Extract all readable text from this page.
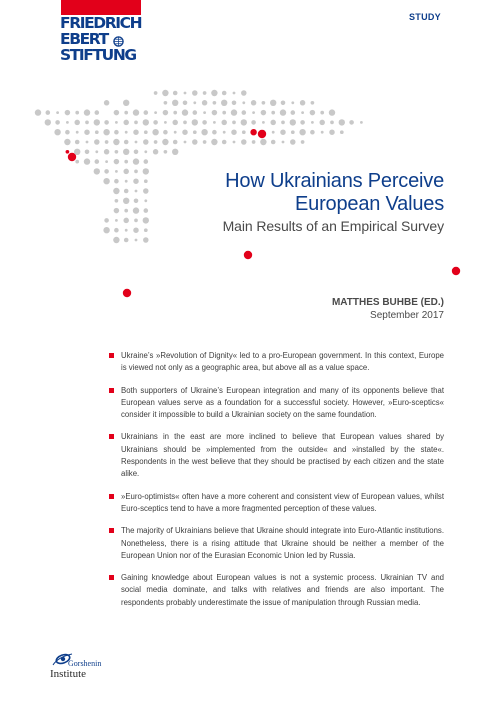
FRIEDRICH
EBERT
STIFTUNG
STUDY
How Ukrainians Perceive
European Values
Main Results of an Empirical Survey
MATTHES BUHBE (ED.)
September 2017
Ukraine’s »Revolution of Dignity« led to a pro-European government. In this context, Europe is viewed not only as a geographic area, but above all as a value space.
Both supporters of Ukraine’s European integration and many of its opponents believe that European values serve as a foundation for a successful society. However, »Euro-sceptics« consider it impossible to build a Ukrainian society on the same foundation.
Ukrainians in the east are more inclined to believe that European values shared by Ukrainians should be »implemented from the outside« and »installed by the state«. Respondents in the west believe that they should be practised by each citizen and the state alike.
»Euro-optimists« often have a more coherent and consistent view of European values, whilst Euro-sceptics tend to have a more fragmented perception of these values.
The majority of Ukrainians believe that Ukraine should integrate into Euro-Atlantic institutions. Nonetheless, there is a rising attitude that Ukraine should be neither a member of the European Union nor of the Eurasian Economic Union led by Russia.
Gaining knowledge about European values is not a systemic process. Ukrainian TV and social media dominate, and talks with relatives and friends are also important. The respondents probably underestimate the issue of manipulation through Russian media.
Gorshenin
Institute
